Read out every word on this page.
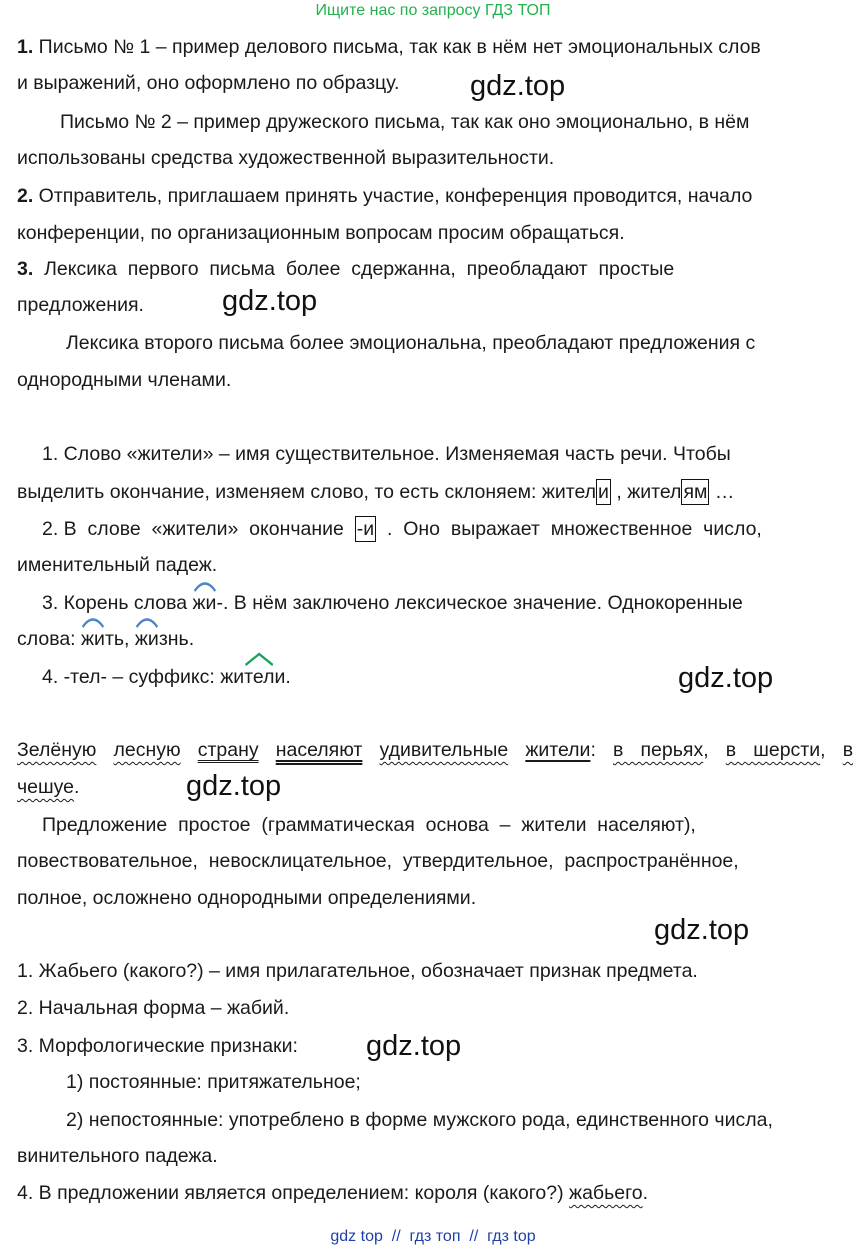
Ищите нас по запросу ГДЗ ТОП
1. Письмо № 1 – пример делового письма, так как в нём нет эмоциональных слов
и выражений, оно оформлено по образцу.
Письмо № 2 – пример дружеского письма, так как оно эмоционально, в нём
использованы средства художественной выразительности.
2. Отправитель, приглашаем принять участие, конференция проводится, начало
конференции, по организационным вопросам просим обращаться.
3.  Лексика  первого  письма  более  сдержанна,  преобладают  простые
предложения.
Лексика второго письма более эмоциональна, преобладают предложения с
однородными членами.
1. Слово «жители» – имя существительное. Изменяемая часть речи. Чтобы
выделить окончание, изменяем слово, то есть склоняем: жител и , жител ям …
2. В  слове  «жители»  окончание  -и  .  Оно  выражает  множественное  число,
именительный падеж.
3. Корень слова
жи-. В нём заключено лексическое значение. Однокоренные
слова:
жить,
жизнь.
4. -тел- – суффикс: жи
тели.
Зелёную лесную страну населяют удивительные жители: в перьях, в шерсти, в
чешуе.
Предложение  простое  (грамматическая  основа  –  жители  населяют),
повествовательное,  невосклицательное,  утвердительное,  распространённое,
полное, осложнено однородными определениями.
1. Жабьего (какого?) – имя прилагательное, обозначает признак предмета.
2. Начальная форма – жабий.
3. Морфологические признаки:
1) постоянные: притяжательное;
2) непостоянные: употреблено в форме мужского рода, единственного числа,
винительного падежа.
4. В предложении является определением: короля (какого?) жабьего.
gdz.top
gdz.top
gdz.top
gdz.top
gdz.top
gdz.top
gdz top  //  гдз топ  //  гдз top
